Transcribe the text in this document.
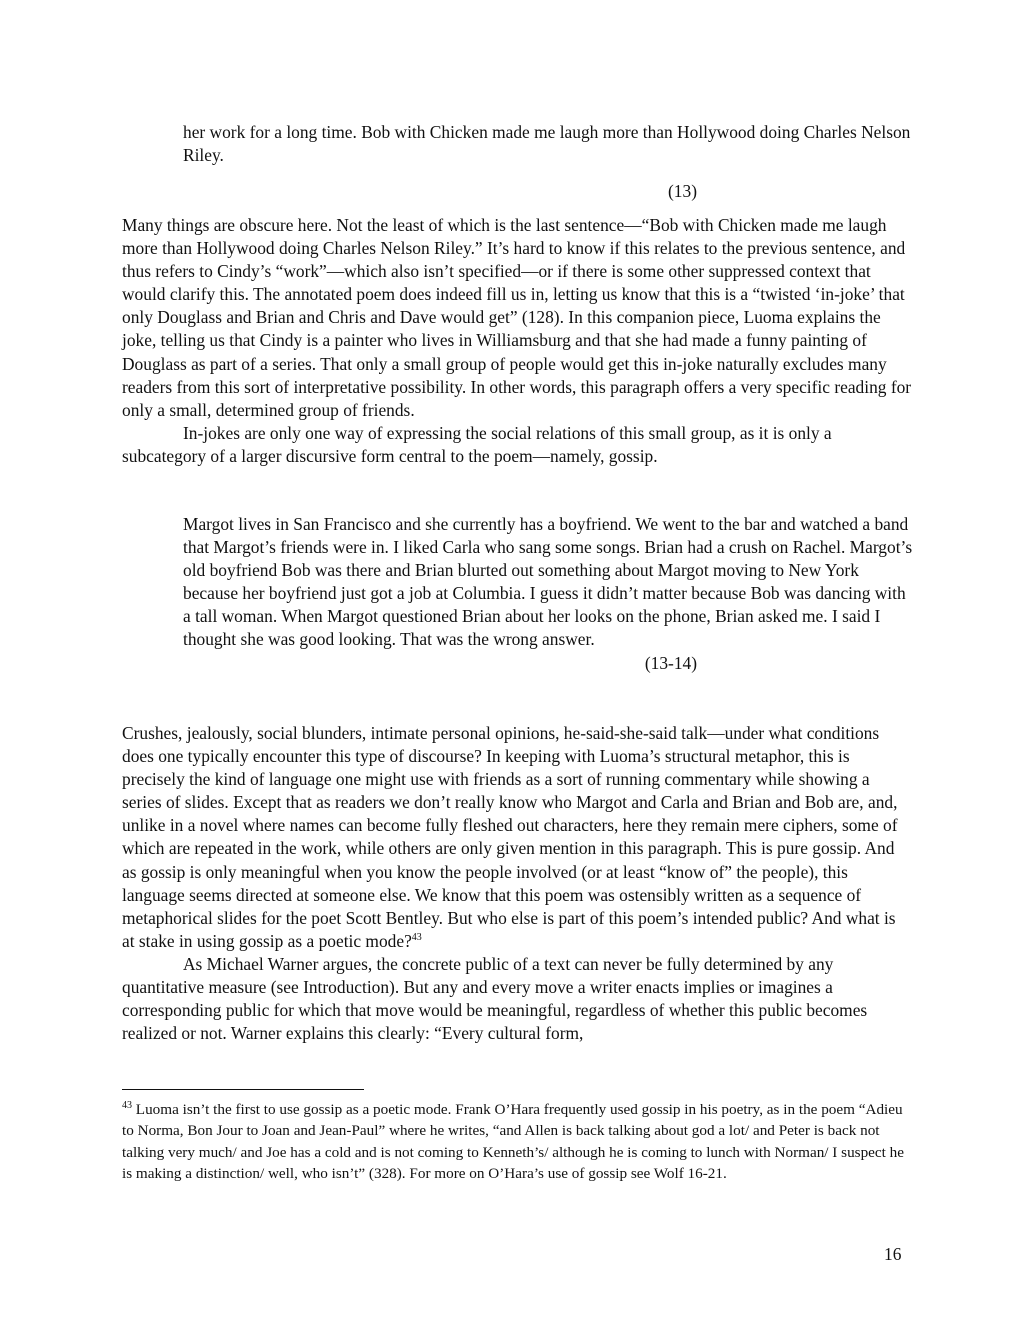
her work for a long time. Bob with Chicken made me laugh more than Hollywood doing Charles Nelson Riley.

(13)

Many things are obscure here. Not the least of which is the last sentence—“Bob with Chicken made me laugh more than Hollywood doing Charles Nelson Riley.” It’s hard to know if this relates to the previous sentence, and thus refers to Cindy’s “work”—which also isn’t specified—or if there is some other suppressed context that would clarify this. The annotated poem does indeed fill us in, letting us know that this is a “twisted ‘in-joke’ that only Douglass and Brian and Chris and Dave would get” (128). In this companion piece, Luoma explains the joke, telling us that Cindy is a painter who lives in Williamsburg and that she had made a funny painting of Douglass as part of a series. That only a small group of people would get this in-joke naturally excludes many readers from this sort of interpretative possibility. In other words, this paragraph offers a very specific reading for only a small, determined group of friends.

In-jokes are only one way of expressing the social relations of this small group, as it is only a subcategory of a larger discursive form central to the poem—namely, gossip.

Margot lives in San Francisco and she currently has a boyfriend. We went to the bar and watched a band that Margot’s friends were in. I liked Carla who sang some songs. Brian had a crush on Rachel. Margot’s old boyfriend Bob was there and Brian blurted out something about Margot moving to New York because her boyfriend just got a job at Columbia. I guess it didn’t matter because Bob was dancing with a tall woman. When Margot questioned Brian about her looks on the phone, Brian asked me. I said I thought she was good looking. That was the wrong answer.

(13-14)

Crushes, jealously, social blunders, intimate personal opinions, he-said-she-said talk—under what conditions does one typically encounter this type of discourse? In keeping with Luoma’s structural metaphor, this is precisely the kind of language one might use with friends as a sort of running commentary while showing a series of slides. Except that as readers we don’t really know who Margot and Carla and Brian and Bob are, and, unlike in a novel where names can become fully fleshed out characters, here they remain mere ciphers, some of which are repeated in the work, while others are only given mention in this paragraph. This is pure gossip. And as gossip is only meaningful when you know the people involved (or at least “know of” the people), this language seems directed at someone else. We know that this poem was ostensibly written as a sequence of metaphorical slides for the poet Scott Bentley. But who else is part of this poem’s intended public? And what is at stake in using gossip as a poetic mode?$^{43}$

As Michael Warner argues, the concrete public of a text can never be fully determined by any quantitative measure (see Introduction). But any and every move a writer enacts implies or imagines a corresponding public for which that move would be meaningful, regardless of whether this public becomes realized or not. Warner explains this clearly: “Every cultural form,

$^{43}$ Luoma isn’t the first to use gossip as a poetic mode. Frank O’Hara frequently used gossip in his poetry, as in the poem “Adieu to Norma, Bon Jour to Joan and Jean-Paul” where he writes, “and Allen is back talking about god a lot/ and Peter is back not talking very much/ and Joe has a cold and is not coming to Kenneth’s/ although he is coming to lunch with Norman/ I suspect he is making a distinction/ well, who isn’t” (328). For more on O’Hara’s use of gossip see Wolf 16-21.

16
